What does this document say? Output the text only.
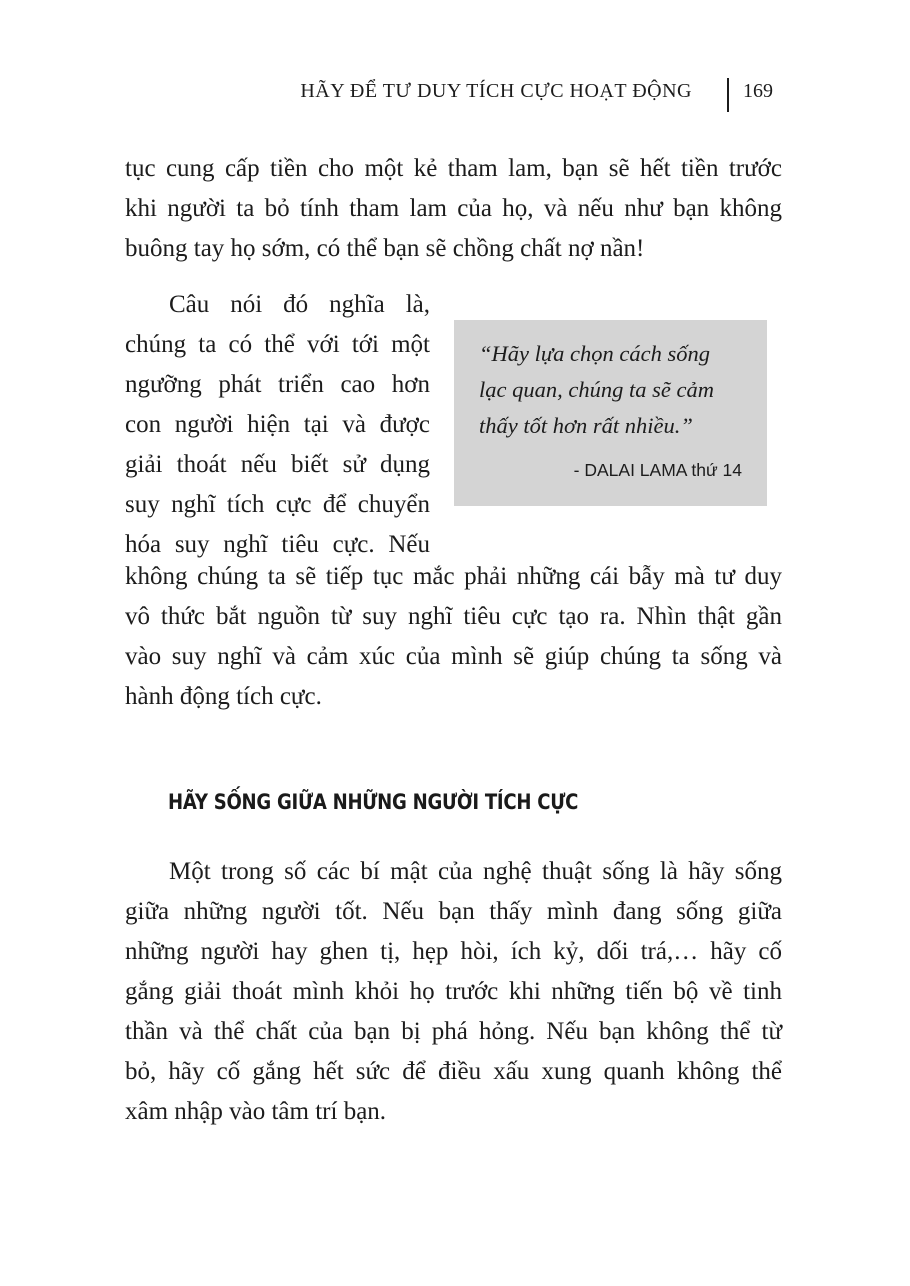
HÃY ĐỂ TƯ DUY TÍCH CỰC HOẠT ĐỘNG	169
tục cung cấp tiền cho một kẻ tham lam, bạn sẽ hết tiền trước
khi người ta bỏ tính tham lam của họ, và nếu như bạn không
buông tay họ sớm, có thể bạn sẽ chồng chất nợ nần!
Câu nói đó nghĩa là,
chúng ta có thể với tới một
ngưỡng phát triển cao hơn
con người hiện tại và được
giải thoát nếu biết sử dụng
suy nghĩ tích cực để chuyển
hóa suy nghĩ tiêu cực. Nếu
“Hãy lựa chọn cách sống
lạc quan, chúng ta sẽ cảm
thấy tốt hơn rất nhiều.”
- DALAI LAMA thứ 14
không chúng ta sẽ tiếp tục mắc phải những cái bẫy mà tư duy
vô thức bắt nguồn từ suy nghĩ tiêu cực tạo ra. Nhìn thật gần
vào suy nghĩ và cảm xúc của mình sẽ giúp chúng ta sống và
hành động tích cực.
HÃY SỐNG GIỮA NHỮNG NGƯỜI TÍCH CỰC
Một trong số các bí mật của nghệ thuật sống là hãy sống
giữa những người tốt. Nếu bạn thấy mình đang sống giữa
những người hay ghen tị, hẹp hòi, ích kỷ, dối trá,… hãy cố
gắng giải thoát mình khỏi họ trước khi những tiến bộ về tinh
thần và thể chất của bạn bị phá hỏng. Nếu bạn không thể từ
bỏ, hãy cố gắng hết sức để điều xấu xung quanh không thể
xâm nhập vào tâm trí bạn.
